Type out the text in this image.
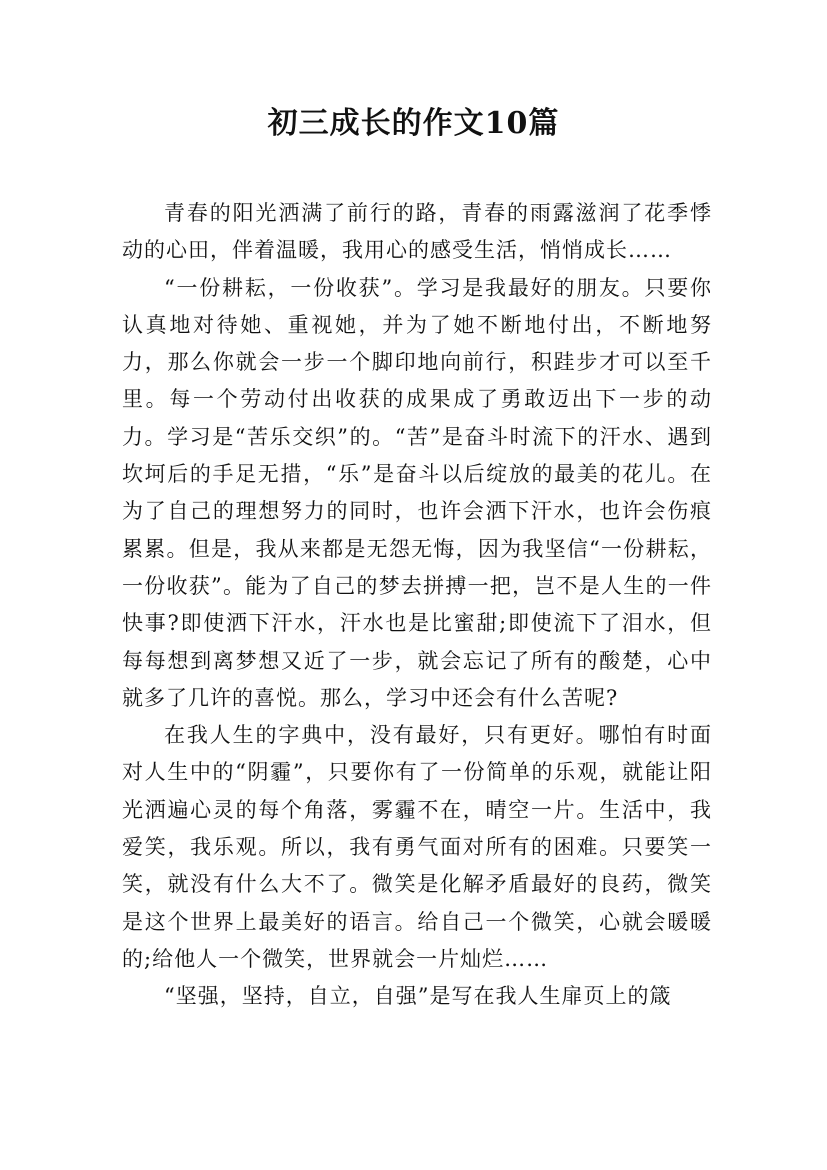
初三成长的作文10篇

青春的阳光洒满了前行的路，青春的雨露滋润了花季悸动的心田，伴着温暖，我用心的感受生活，悄悄成长……

“一份耕耘，一份收获”。学习是我最好的朋友。只要你认真地对待她、重视她，并为了她不断地付出，不断地努力，那么你就会一步一个脚印地向前行，积跬步才可以至千里。每一个劳动付出收获的成果成了勇敢迈出下一步的动力。学习是“苦乐交织”的。“苦”是奋斗时流下的汗水、遇到坎坷后的手足无措，“乐”是奋斗以后绽放的最美的花儿。在为了自己的理想努力的同时，也许会洒下汗水，也许会伤痕累累。但是，我从来都是无怨无悔，因为我坚信“一份耕耘，一份收获”。能为了自己的梦去拼搏一把，岂不是人生的一件快事?即使洒下汗水，汗水也是比蜜甜;即使流下了泪水，但每每想到离梦想又近了一步，就会忘记了所有的酸楚，心中就多了几许的喜悦。那么，学习中还会有什么苦呢?

在我人生的字典中，没有最好，只有更好。哪怕有时面对人生中的“阴霾”，只要你有了一份简单的乐观，就能让阳光洒遍心灵的每个角落，雾霾不在，晴空一片。生活中，我爱笑，我乐观。所以，我有勇气面对所有的困难。只要笑一笑，就没有什么大不了。微笑是化解矛盾最好的良药，微笑是这个世界上最美好的语言。给自己一个微笑，心就会暖暖的;给他人一个微笑，世界就会一片灿烂……

“坚强，坚持，自立，自强”是写在我人生扉页上的箴
